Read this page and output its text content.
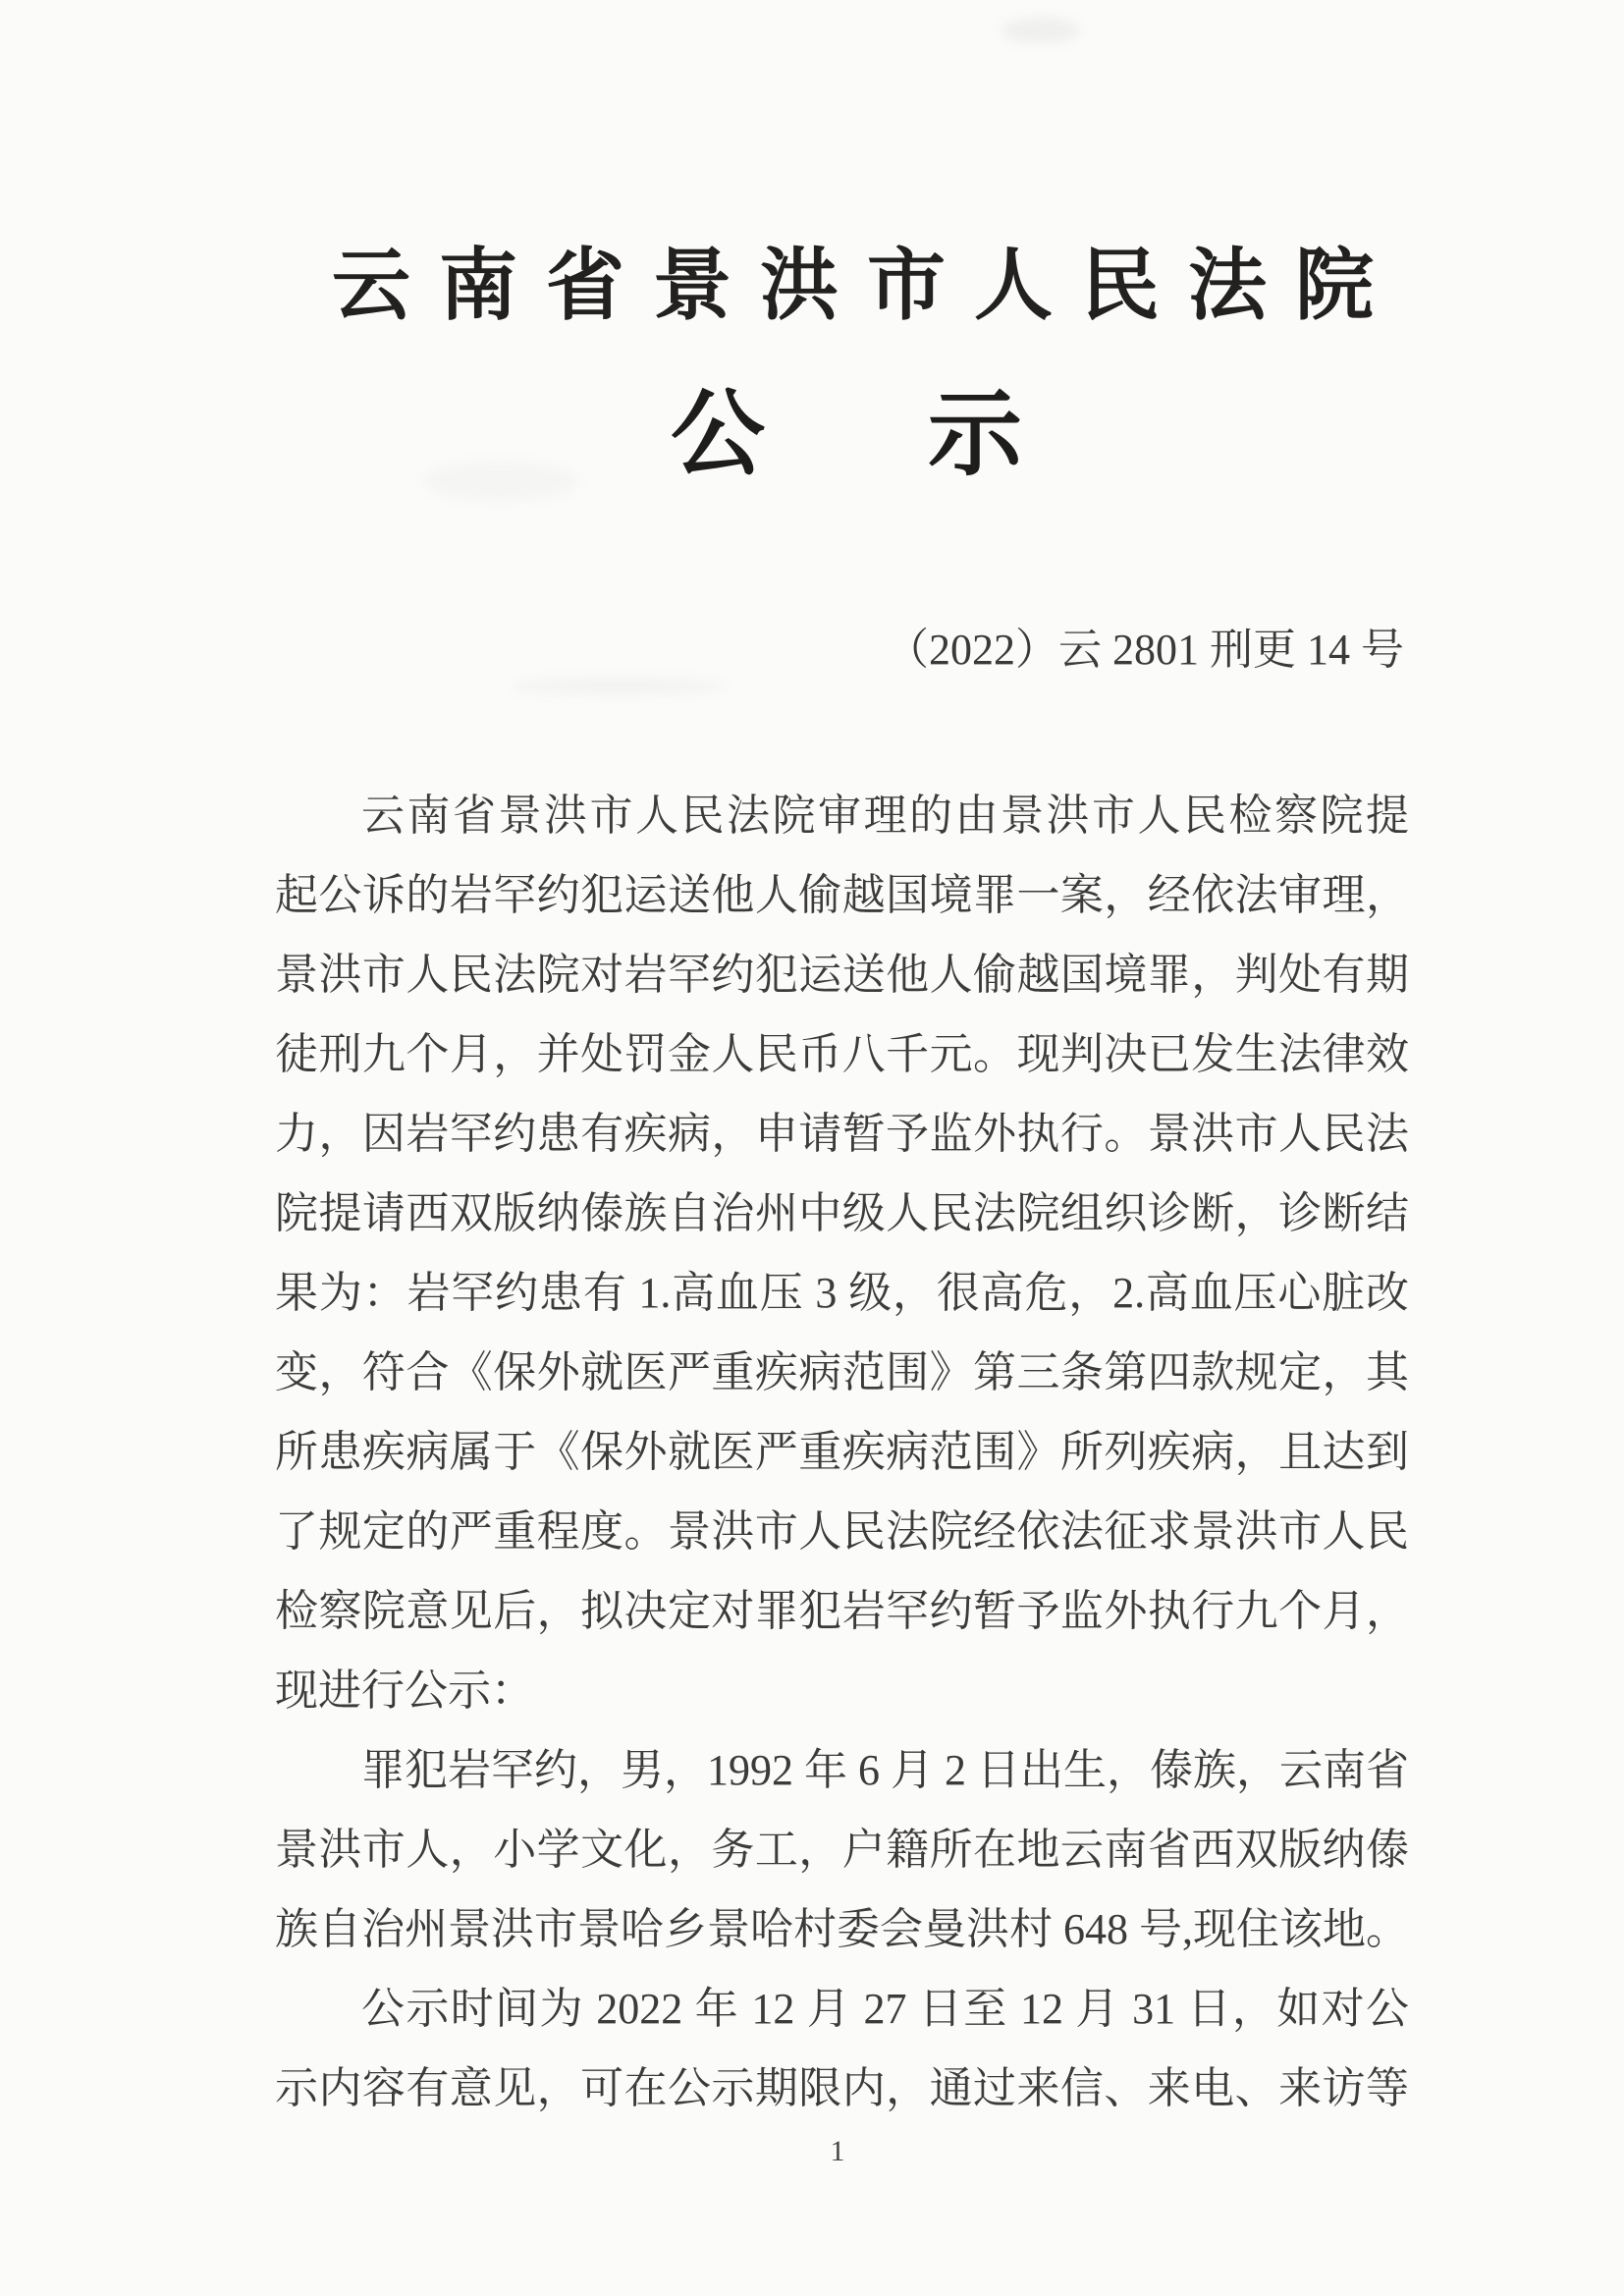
云南省景洪市人民法院
公 示
（2022）云 2801 刑更 14 号
云南省景洪市人民法院审理的由景洪市人民检察院提
起公诉的岩罕约犯运送他人偷越国境罪一案，经依法审理，
景洪市人民法院对岩罕约犯运送他人偷越国境罪，判处有期
徒刑九个月，并处罚金人民币八千元。现判决已发生法律效
力，因岩罕约患有疾病，申请暂予监外执行。景洪市人民法
院提请西双版纳傣族自治州中级人民法院组织诊断，诊断结
果为：岩罕约患有 1.高血压 3 级，很高危，2.高血压心脏改
变，符合《保外就医严重疾病范围》第三条第四款规定，其
所患疾病属于《保外就医严重疾病范围》所列疾病，且达到
了规定的严重程度。景洪市人民法院经依法征求景洪市人民
检察院意见后，拟决定对罪犯岩罕约暂予监外执行九个月，
现进行公示：
罪犯岩罕约，男，1992 年 6 月 2 日出生，傣族，云南省
景洪市人，小学文化，务工，户籍所在地云南省西双版纳傣
族自治州景洪市景哈乡景哈村委会曼洪村 648 号,现住该地。
公示时间为 2022 年 12 月 27 日至 12 月 31 日，如对公
示内容有意见，可在公示期限内，通过来信、来电、来访等
1
